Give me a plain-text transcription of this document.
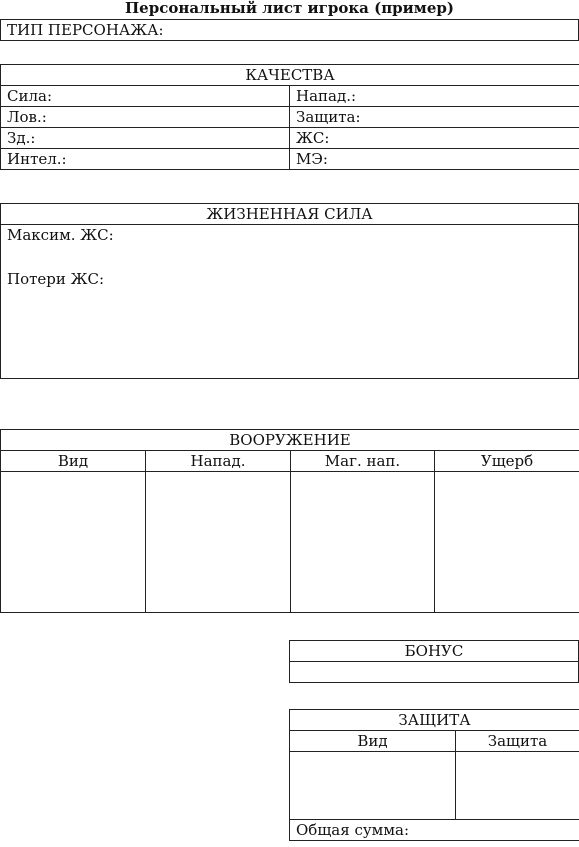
Персональный лист игрока (пример)
ТИП ПЕРСОНАЖА:
КАЧЕСТВА	
Сила:	Напад.:
Лов.:	Защита:
Зд.:	ЖС:
Интел.:	МЭ:
ЖИЗНЕННАЯ СИЛА

Максим. ЖС:
Потери ЖС:
ВООРУЖЕНИЕ			
Вид	Напад.	Маг. нап.	Ущерб

БОНУС

ЗАЩИТА	
Вид	Защита

Общая сумма:	
